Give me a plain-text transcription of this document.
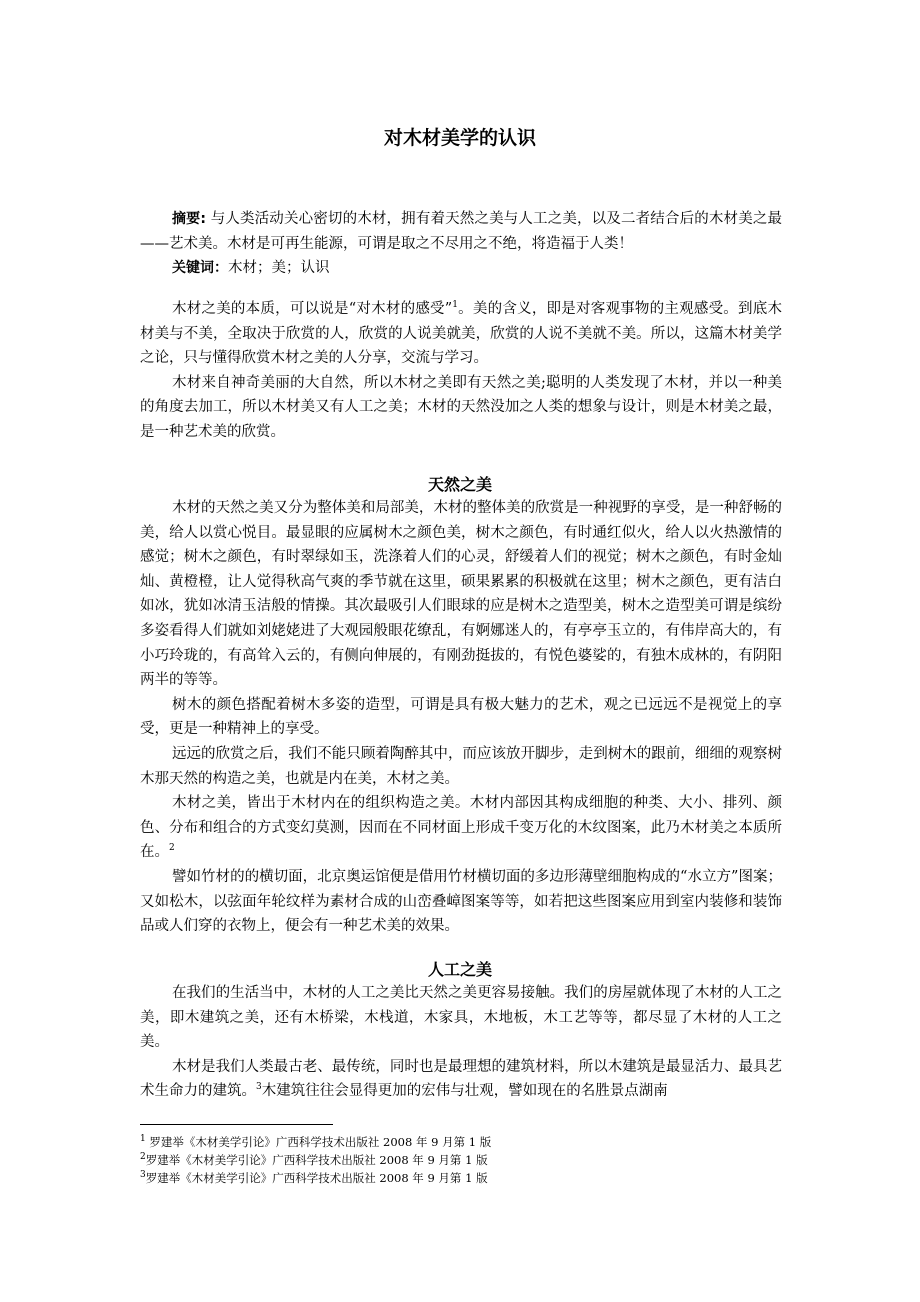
对木材美学的认识

摘要: 与人类活动关心密切的木材，拥有着天然之美与人工之美，以及二者结合后的木材美之最——艺术美。木材是可再生能源，可谓是取之不尽用之不绝，将造福于人类！

关键词：木材；美；认识

木材之美的本质，可以说是“对木材的感受”$^1$。美的含义，即是对客观事物的主观感受。到底木材美与不美，全取决于欣赏的人，欣赏的人说美就美，欣赏的人说不美就不美。所以，这篇木材美学之论，只与懂得欣赏木材之美的人分享，交流与学习。

木材来自神奇美丽的大自然，所以木材之美即有天然之美;聪明的人类发现了木材，并以一种美的角度去加工，所以木材美又有人工之美；木材的天然没加之人类的想象与设计，则是木材美之最，是一种艺术美的欣赏。

天然之美

木材的天然之美又分为整体美和局部美，木材的整体美的欣赏是一种视野的享受，是一种舒畅的美，给人以赏心悦目。最显眼的应属树木之颜色美，树木之颜色，有时通红似火，给人以火热激情的感觉；树木之颜色，有时翠绿如玉，洗涤着人们的心灵，舒缓着人们的视觉；树木之颜色，有时金灿灿、黄橙橙，让人觉得秋高气爽的季节就在这里，硕果累累的积极就在这里；树木之颜色，更有洁白如冰，犹如冰清玉洁般的情操。其次最吸引人们眼球的应是树木之造型美，树木之造型美可谓是缤纷多姿看得人们就如刘姥姥进了大观园般眼花缭乱，有婀娜迷人的，有亭亭玉立的，有伟岸高大的，有小巧玲珑的，有高耸入云的，有侧向伸展的，有刚劲挺拔的，有悦色婆娑的，有独木成林的，有阴阳两半的等等。

树木的颜色搭配着树木多姿的造型，可谓是具有极大魅力的艺术，观之已远远不是视觉上的享受，更是一种精神上的享受。

远远的欣赏之后，我们不能只顾着陶醉其中，而应该放开脚步，走到树木的跟前，细细的观察树木那天然的构造之美，也就是内在美，木材之美。

木材之美，皆出于木材内在的组织构造之美。木材内部因其构成细胞的种类、大小、排列、颜色、分布和组合的方式变幻莫测，因而在不同材面上形成千变万化的木纹图案，此乃木材美之本质所在。$^2$

譬如竹材的的横切面，北京奥运馆便是借用竹材横切面的多边形薄壁细胞构成的“水立方”图案；又如松木，以弦面年轮纹样为素材合成的山峦叠嶂图案等等，如若把这些图案应用到室内装修和装饰品或人们穿的衣物上，便会有一种艺术美的效果。

人工之美

在我们的生活当中，木材的人工之美比天然之美更容易接触。我们的房屋就体现了木材的人工之美，即木建筑之美，还有木桥梁，木栈道，木家具，木地板，木工艺等等，都尽显了木材的人工之美。

木材是我们人类最古老、最传统，同时也是最理想的建筑材料，所以木建筑是最显活力、最具艺术生命力的建筑。$^3$木建筑往往会显得更加的宏伟与壮观，譬如现在的名胜景点湖南

$^1$ 罗建举《木材美学引论》广西科学技术出版社 2008 年 9 月第 1 版
$^2$罗建举《木材美学引论》广西科学技术出版社 2008 年 9 月第 1 版
$^3$罗建举《木材美学引论》广西科学技术出版社 2008 年 9 月第 1 版
